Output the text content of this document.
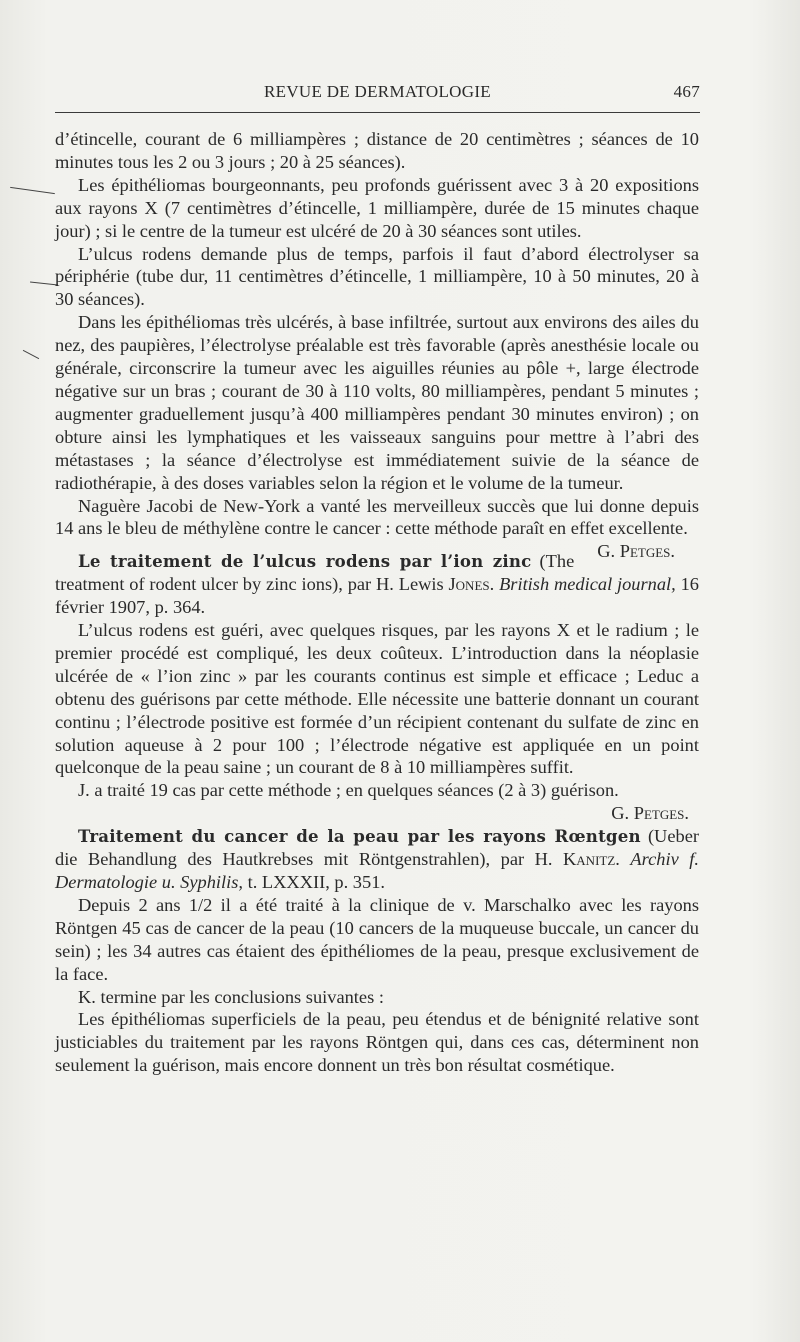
REVUE DE DERMATOLOGIE	467

d’étincelle, courant de 6 milliampères ; distance de 20 centimètres ; séances de 10 minutes tous les 2 ou 3 jours ; 20 à 25 séances).

Les épithéliomas bourgeonnants, peu profonds guérissent avec 3 à 20 expositions aux rayons X (7 centimètres d’étincelle, 1 milliampère, durée de 15 minutes chaque jour) ; si le centre de la tumeur est ulcéré de 20 à 30 séances sont utiles.

L’ulcus rodens demande plus de temps, parfois il faut d’abord électrolyser sa périphérie (tube dur, 11 centimètres d’étincelle, 1 milliampère, 10 à 50 minutes, 20 à 30 séances).

Dans les épithéliomas très ulcérés, à base infiltrée, surtout aux environs des ailes du nez, des paupières, l’électrolyse préalable est très favorable (après anesthésie locale ou générale, circonscrire la tumeur avec les aiguilles réunies au pôle +, large électrode négative sur un bras ; courant de 30 à 110 volts, 80 milliampères, pendant 5 minutes ; augmenter graduellement jusqu’à 400 milliampères pendant 30 minutes environ) ; on obture ainsi les lymphatiques et les vaisseaux sanguins pour mettre à l’abri des métastases ; la séance d’électrolyse est immédiatement suivie de la séance de radiothérapie, à des doses variables selon la région et le volume de la tumeur.

Naguère Jacobi de New-York a vanté les merveilleux succès que lui donne depuis 14 ans le bleu de méthylène contre le cancer : cette méthode paraît en effet excellente.
G. Petges.

Le traitement de l’ulcus rodens par l’ion zinc (The treatment of rodent ulcer by zinc ions), par H. Lewis Jones. British medical journal, 16 février 1907, p. 364.

L’ulcus rodens est guéri, avec quelques risques, par les rayons X et le radium ; le premier procédé est compliqué, les deux coûteux. L’introduction dans la néoplasie ulcérée de « l’ion zinc » par les courants continus est simple et efficace ; Leduc a obtenu des guérisons par cette méthode. Elle nécessite une batterie donnant un courant continu ; l’électrode positive est formée d’un récipient contenant du sulfate de zinc en solution aqueuse à 2 pour 100 ; l’électrode négative est appliquée en un point quelconque de la peau saine ; un courant de 8 à 10 milliampères suffit.

J. a traité 19 cas par cette méthode ; en quelques séances (2 à 3) guérison.
G. Petges.

Traitement du cancer de la peau par les rayons Rœntgen (Ueber die Behandlung des Hautkrebses mit Röntgenstrahlen), par H. Kanitz. Archiv f. Dermatologie u. Syphilis, t. LXXXII, p. 351.

Depuis 2 ans 1/2 il a été traité à la clinique de v. Marschalko avec les rayons Röntgen 45 cas de cancer de la peau (10 cancers de la muqueuse buccale, un cancer du sein) ; les 34 autres cas étaient des épithéliomes de la peau, presque exclusivement de la face.

K. termine par les conclusions suivantes :

Les épithéliomas superficiels de la peau, peu étendus et de bénignité relative sont justiciables du traitement par les rayons Röntgen qui, dans ces cas, déterminent non seulement la guérison, mais encore donnent un très bon résultat cosmétique.
